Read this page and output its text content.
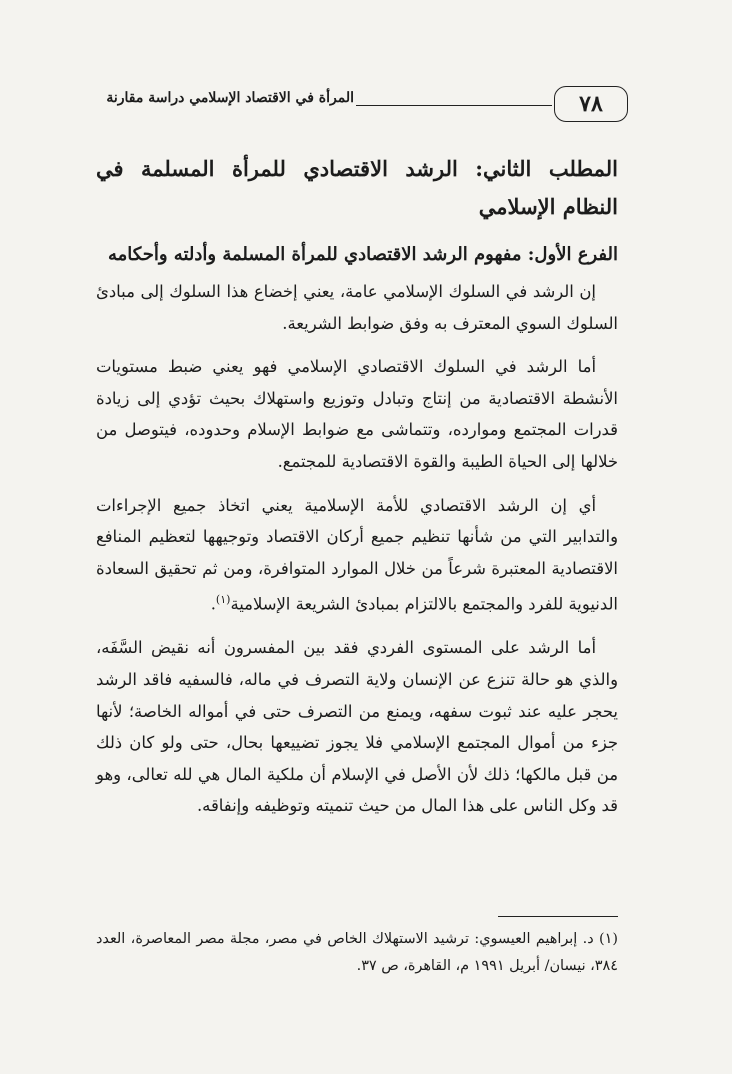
٧٨
المرأة في الاقتصاد الإسلامي دراسة مقارنة
المطلب الثاني: الرشد الاقتصادي للمرأة المسلمة في النظام الإسلامي
الفرع الأول: مفهوم الرشد الاقتصادي للمرأة المسلمة وأدلته وأحكامه

إن الرشد في السلوك الإسلامي عامة، يعني إخضاع هذا السلوك إلى مبادئ السلوك السوي المعترف به وفق ضوابط الشريعة.

أما الرشد في السلوك الاقتصادي الإسلامي فهو يعني ضبط مستويات الأنشطة الاقتصادية من إنتاج وتبادل وتوزيع واستهلاك بحيث تؤدي إلى زيادة قدرات المجتمع وموارده، وتتماشى مع ضوابط الإسلام وحدوده، فيتوصل من خلالها إلى الحياة الطيبة والقوة الاقتصادية للمجتمع.

أي إن الرشد الاقتصادي للأمة الإسلامية يعني اتخاذ جميع الإجراءات والتدابير التي من شأنها تنظيم جميع أركان الاقتصاد وتوجيهها لتعظيم المنافع الاقتصادية المعتبرة شرعاً من خلال الموارد المتوافرة، ومن ثم تحقيق السعادة الدنيوية للفرد والمجتمع بالالتزام بمبادئ الشريعة الإسلامية$^{(١)}$.

أما الرشد على المستوى الفردي فقد بين المفسرون أنه نقيض السَّفَه، والذي هو حالة تنزع عن الإنسان ولاية التصرف في ماله، فالسفيه فاقد الرشد يحجر عليه عند ثبوت سفهه، ويمنع من التصرف حتى في أمواله الخاصة؛ لأنها جزء من أموال المجتمع الإسلامي فلا يجوز تضييعها بحال، حتى ولو كان ذلك من قبل مالكها؛ ذلك لأن الأصل في الإسلام أن ملكية المال هي لله تعالى، وهو قد وكل الناس على هذا المال من حيث تنميته وتوظيفه وإنفاقه.

(١) د. إبراهيم العيسوي: ترشيد الاستهلاك الخاص في مصر، مجلة مصر المعاصرة، العدد ٣٨٤، نيسان/ أبريل ١٩٩١ م، القاهرة، ص ٣٧.
